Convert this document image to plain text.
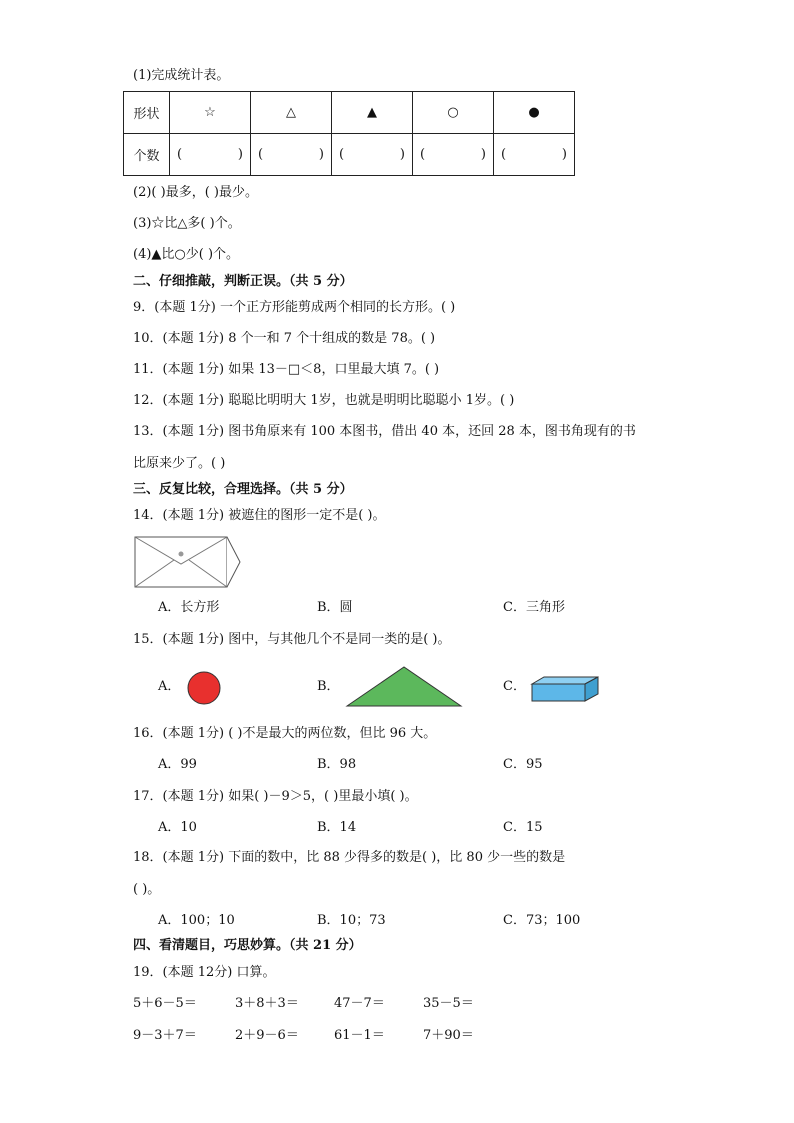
(1)完成统计表。
形状	☆	△	▲	○	●
个数	( )	( )	( )	( )	( )
(2)( )最多，( )最少。
(3)☆比△多( )个。
(4)▲比○少( )个。
二、仔细推敲，判断正误。（共 5 分）
9．(本题 1分) 一个正方形能剪成两个相同的长方形。( )
10．(本题 1分) 8 个一和 7 个十组成的数是 78。( )
11．(本题 1分) 如果 13－□＜8，口里最大填 7。( )
12．(本题 1分) 聪聪比明明大 1岁，也就是明明比聪聪小 1岁。( )
13．(本题 1分) 图书角原来有 100 本图书，借出 40 本，还回 28 本，图书角现有的书
比原来少了。( )
三、反复比较，合理选择。（共 5 分）
14．(本题 1分) 被遮住的图形一定不是( )。
A．长方形	B．圆	C．三角形
15．(本题 1分) 图中，与其他几个不是同一类的是( )。
A．	B．	C．
16．(本题 1分) ( )不是最大的两位数，但比 96 大。
A．99	B．98	C．95
17．(本题 1分) 如果( )－9＞5，( )里最小填( )。
A．10	B．14	C．15
18．(本题 1分) 下面的数中，比 88 少得多的数是( )，比 80 少一些的数是
( )。
A．100；10	B．10；73	C．73；100
四、看清题目，巧思妙算。（共 21 分）
19．(本题 12分) 口算。
5＋6－5＝	3＋8＋3＝	47－7＝	35－5＝
9－3＋7＝	2＋9－6＝	61－1＝	7＋90＝
